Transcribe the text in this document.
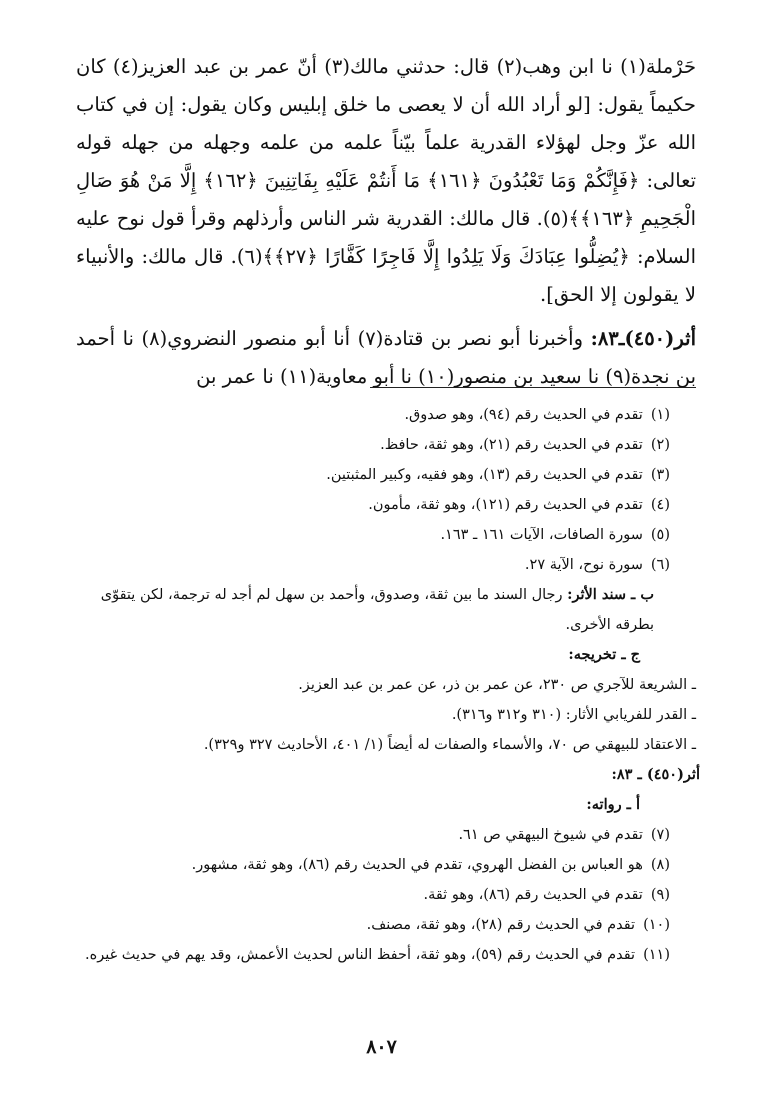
حَرْملة(١) نا ابن وهب(٢) قال: حدثني مالك(٣) أنّ عمر بن عبد العزيز(٤) كان حكيماً يقول: [لو أراد الله أن لا يعصى ما خلق إبليس وكان يقول: إن في كتاب الله عزّ وجل لهؤلاء القدرية علماً بيّناً علمه من علمه وجهله من جهله قوله تعالى: ﴿فَإِنَّكُمْ وَمَا تَعْبُدُونَ ﴿١٦١﴾ مَا أَنتُمْ عَلَيْهِ بِفَاتِنِينَ ﴿١٦٢﴾ إِلَّا مَنْ هُوَ صَالِ الْجَحِيمِ ﴿١٦٣﴾﴾(٥). قال مالك: القدرية شر الناس وأرذلهم وقرأ قول نوح عليه السلام: ﴿يُضِلُّوا عِبَادَكَ وَلَا يَلِدُوا إِلَّا فَاجِرًا كَفَّارًا ﴿٢٧﴾﴾(٦). قال مالك: والأنبياء لا يقولون إلا الحق].

أثر(٤٥٠)ـ٨٣: وأخبرنا أبو نصر بن قتادة(٧) أنا أبو منصور النضروي(٨) نا أحمد بن نجدة(٩) نا سعيد بن منصور(١٠) نا أبو معاوية(١١) نا عمر بن

(١)
تقدم في الحديث رقم (٩٤)، وهو صدوق.
(٢)
تقدم في الحديث رقم (٢١)، وهو ثقة، حافظ.
(٣)
تقدم في الحديث رقم (١٣)، وهو فقيه، وكبير المثبتين.
(٤)
تقدم في الحديث رقم (١٢١)، وهو ثقة، مأمون.
(٥)
سورة الصافات، الآيات ١٦١ ـ ١٦٣.
(٦)
سورة نوح، الآية ٢٧.
ب ـ سند الأثر: رجال السند ما بين ثقة، وصدوق، وأحمد بن سهل لم أجد له ترجمة، لكن يتقوّى بطرقه الأخرى.
ج ـ تخريجه:
ـ الشريعة للآجري ص ٢٣٠، عن عمر بن ذر، عن عمر بن عبد العزيز.
ـ القدر للفريابي الأثار: (٣١٠ و٣١٢ و٣١٦).
ـ الاعتقاد للبيهقي ص ٧٠، والأسماء والصفات له أيضاً (١/ ٤٠١، الأحاديث ٣٢٧ و٣٢٩).
أثر(٤٥٠) ـ ٨٣:
أ ـ رواته:
(٧)
تقدم في شيوخ البيهقي ص ٦١.
(٨)
هو العباس بن الفضل الهروي، تقدم في الحديث رقم (٨٦)، وهو ثقة، مشهور.
(٩)
تقدم في الحديث رقم (٨٦)، وهو ثقة.
(١٠)
تقدم في الحديث رقم (٢٨)، وهو ثقة، مصنف.
(١١)
تقدم في الحديث رقم (٥٩)، وهو ثقة، أحفظ الناس لحديث الأعمش، وقد يهم في حديث غيره.
٨٠٧
